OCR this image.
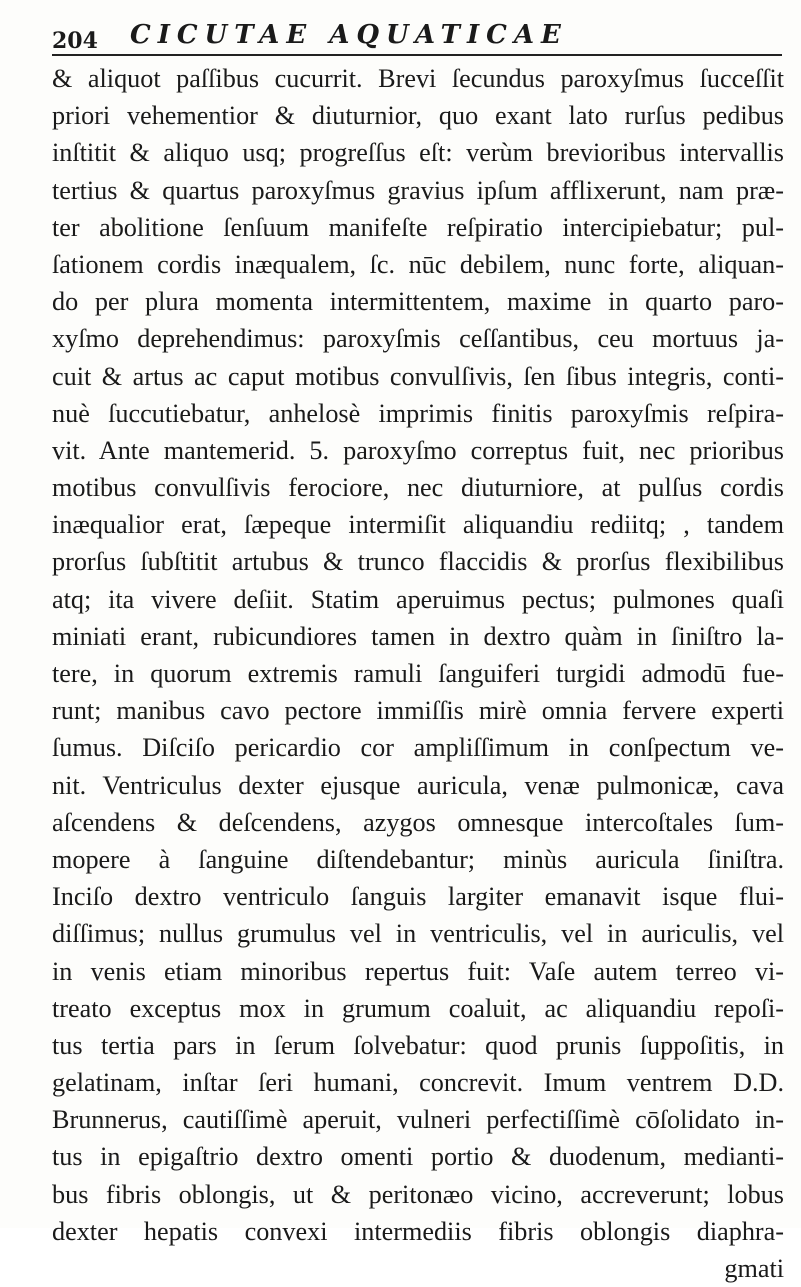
204 CICUTAE AQUATICAE
& aliquot paſſibus cucurrit. Brevi ſecundus paroxyſmus ſucceſſit
priori vehementior & diuturnior, quo exant lato rurſus pedibus
inſtitit & aliquo usq; progreſſus eſt: verùm brevioribus intervallis
tertius & quartus paroxyſmus gravius ipſum afflixerunt, nam præ-
ter abolitione ſenſuum manifeſte reſpiratio intercipiebatur; pul-
ſationem cordis inæqualem, ſc. nūc debilem, nunc forte, aliquan-
do per plura momenta intermittentem, maxime in quarto paro-
xyſmo deprehendimus: paroxyſmis ceſſantibus, ceu mortuus ja-
cuit & artus ac caput motibus convulſivis, ſen ſibus integris, conti-
nuè ſuccutiebatur, anhelosè imprimis finitis paroxyſmis reſpira-
vit. Ante mantemerid. 5. paroxyſmo correptus fuit, nec prioribus
motibus convulſivis ferociore, nec diuturniore, at pulſus cordis
inæqualior erat, ſæpeque intermiſit aliquandiu rediitq; , tandem
prorſus ſubſtitit artubus & trunco flaccidis & prorſus flexibilibus
atq; ita vivere deſiit. Statim aperuimus pectus; pulmones quaſi
miniati erant, rubicundiores tamen in dextro quàm in ſiniſtro la-
tere, in quorum extremis ramuli ſanguiferi turgidi admodū fue-
runt; manibus cavo pectore immiſſis mirè omnia fervere experti
ſumus. Diſciſo pericardio cor ampliſſimum in conſpectum ve-
nit. Ventriculus dexter ejusque auricula, venæ pulmonicæ, cava
aſcendens & deſcendens, azygos omnesque intercoſtales ſum-
mopere à ſanguine diſtendebantur; minùs auricula ſiniſtra.
Inciſo dextro ventriculo ſanguis largiter emanavit isque flui-
diſſimus; nullus grumulus vel in ventriculis, vel in auriculis, vel
in venis etiam minoribus repertus fuit: Vaſe autem terreo vi-
treato exceptus mox in grumum coaluit, ac aliquandiu repoſi-
tus tertia pars in ſerum ſolvebatur: quod prunis ſuppoſitis, in
gelatinam, inſtar ſeri humani, concrevit. Imum ventrem D.D.
Brunnerus, cautiſſimè aperuit, vulneri perfectiſſimè cōſolidato in-
tus in epigaſtrio dextro omenti portio & duodenum, medianti-
bus fibris oblongis, ut & peritonæo vicino, accreverunt; lobus
dexter hepatis convexi intermediis fibris oblongis diaphra-
gmati
